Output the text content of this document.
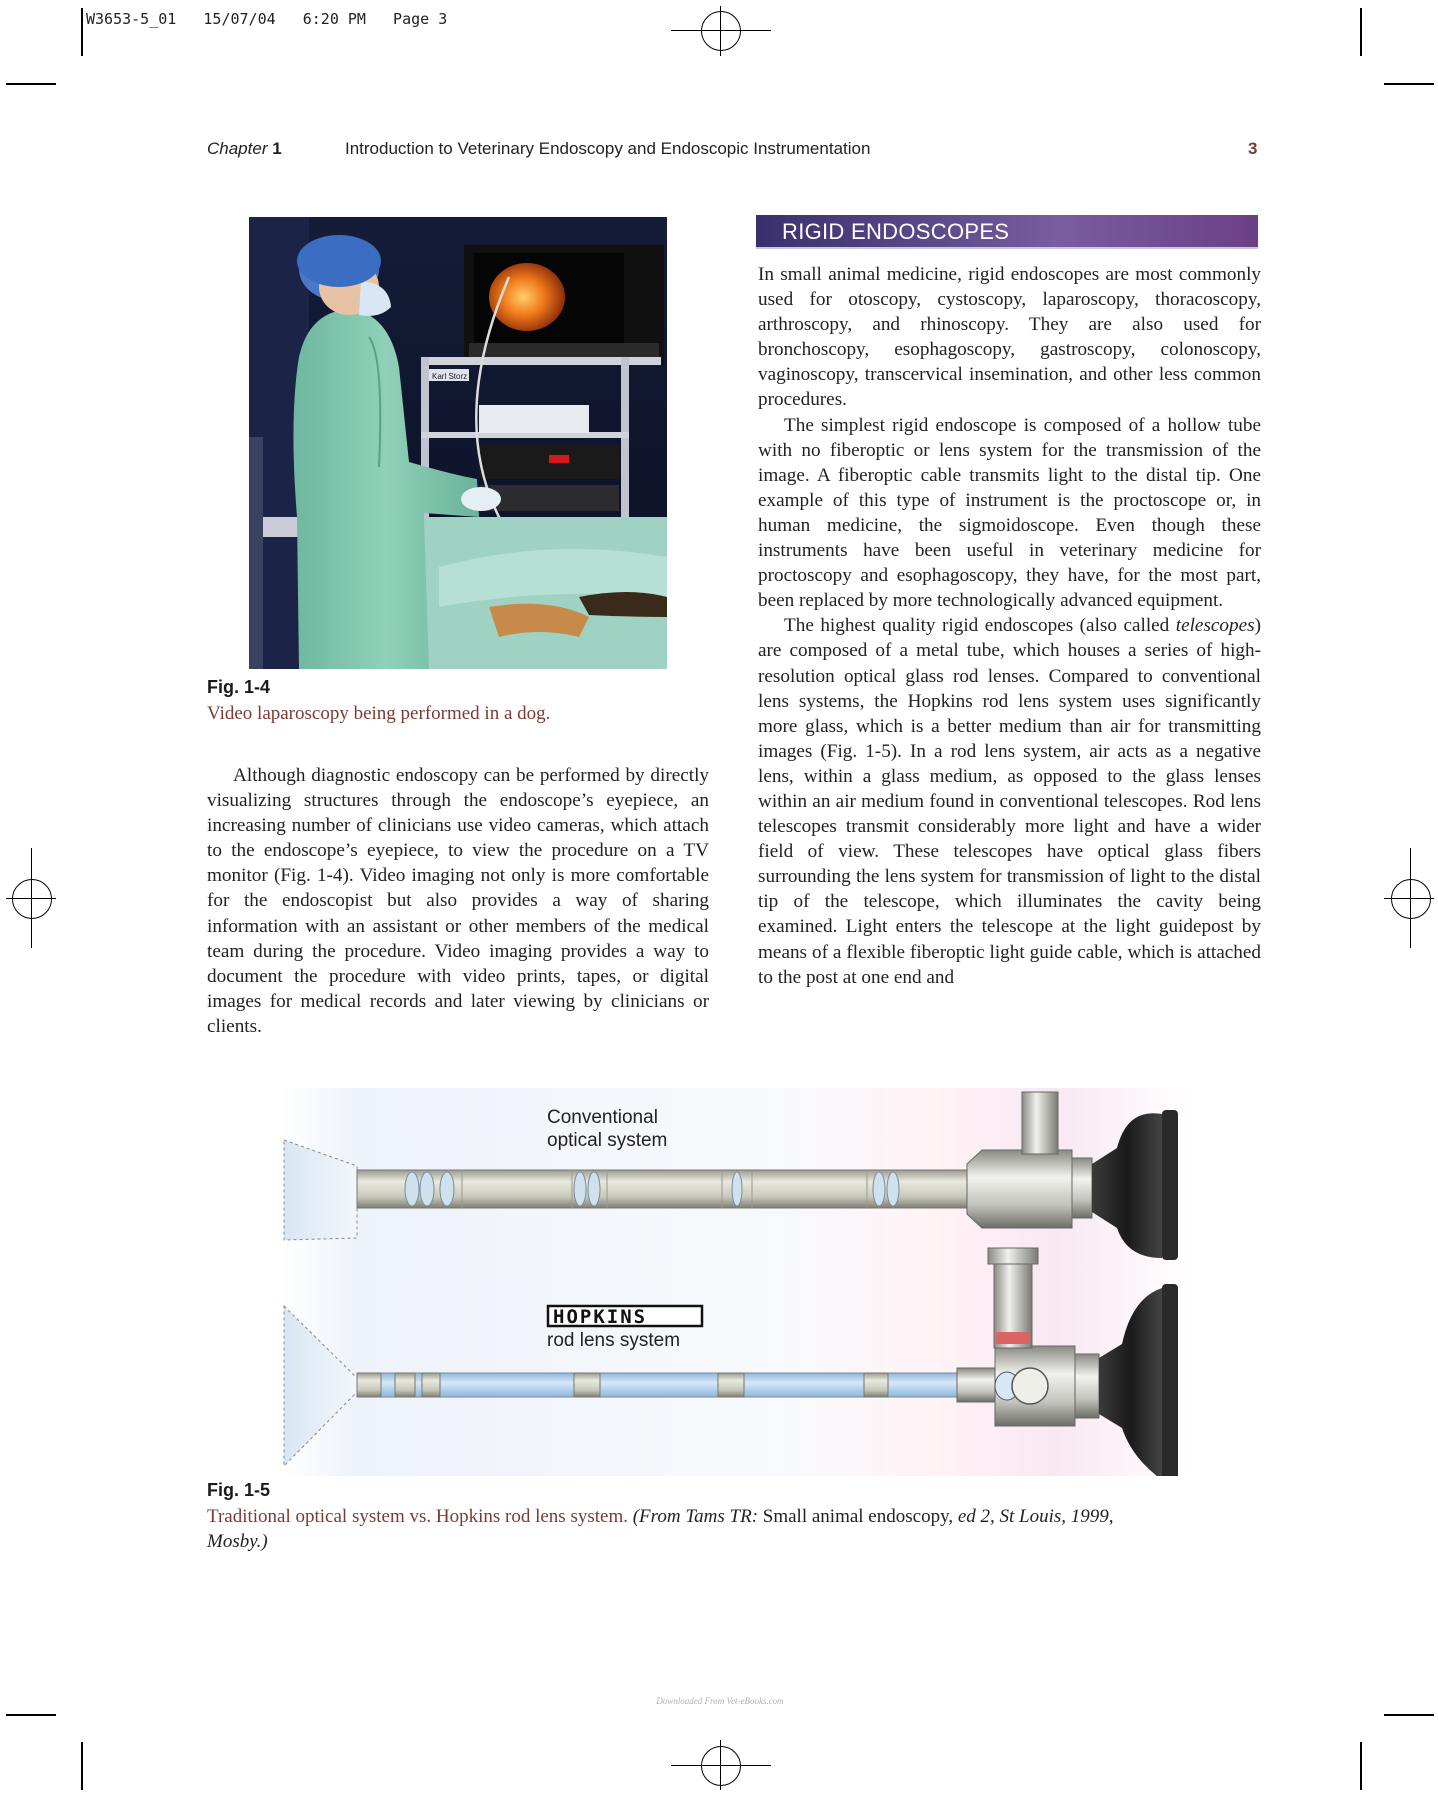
W3653-5_01   15/07/04   6:20 PM   Page 3
Chapter 1	Introduction to Veterinary Endoscopy and Endoscopic Instrumentation	3
Karl Storz
Fig. 1-4
Video laparoscopy being performed in a dog.

Although diagnostic endoscopy can be performed by directly visualizing structures through the endoscope’s eyepiece, an increasing number of clinicians use video cameras, which attach to the endoscope’s eyepiece, to view the procedure on a TV monitor (Fig. 1-4). Video imaging not only is more comfortable for the endoscopist but also provides a way of sharing information with an assistant or other members of the medical team during the procedure. Video imaging provides a way to document the procedure with video prints, tapes, or digital images for medical records and later viewing by clinicians or clients.

RIGID ENDOSCOPES

In small animal medicine, rigid endoscopes are most commonly used for otoscopy, cystoscopy, laparoscopy, thoracoscopy, arthroscopy, and rhinoscopy. They are also used for bronchoscopy, esophagoscopy, gastroscopy, colonoscopy, vaginoscopy, transcervical insemination, and other less common procedures.

The simplest rigid endoscope is composed of a hollow tube with no fiberoptic or lens system for the transmission of the image. A fiberoptic cable transmits light to the distal tip. One example of this type of instrument is the proctoscope or, in human medicine, the sigmoidoscope. Even though these instruments have been useful in veterinary medicine for proctoscopy and esophagoscopy, they have, for the most part, been replaced by more technologically advanced equipment.

The highest quality rigid endoscopes (also called telescopes) are composed of a metal tube, which houses a series of high-resolution optical glass rod lenses. Compared to conventional lens systems, the Hopkins rod lens system uses significantly more glass, which is a better medium than air for transmitting images (Fig. 1-5). In a rod lens system, air acts as a negative lens, within a glass medium, as opposed to the glass lenses within an air medium found in conventional telescopes. Rod lens telescopes transmit considerably more light and have a wider field of view. These telescopes have optical glass fibers surrounding the lens system for transmission of light to the distal tip of the telescope, which illuminates the cavity being examined. Light enters the telescope at the light guidepost by means of a flexible fiberoptic light guide cable, which is attached to the post at one end and

Conventional
optical system
HOPKINS
rod lens system
Fig. 1-5
Traditional optical system vs. Hopkins rod lens system. (From Tams TR: Small animal endoscopy, ed 2, St Louis, 1999,
Mosby.)
Downloaded From Vet-eBooks.com
